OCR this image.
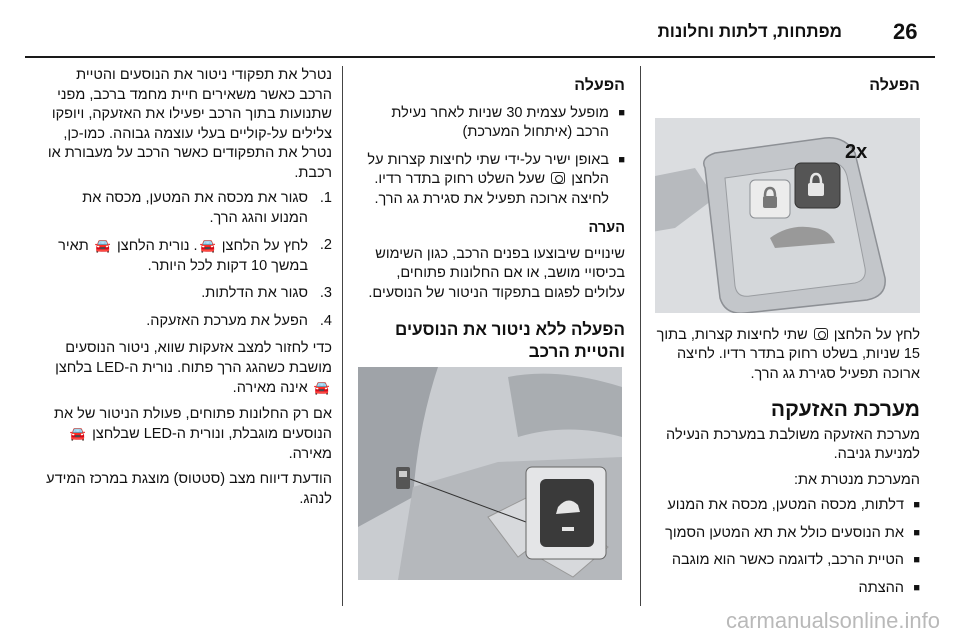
26
מפתחות, דלתות וחלונות
הפעלה

לחץ על הלחצן  שתי לחיצות קצרות, בתוך 15 שניות, בשלט רחוק בתדר רדיו. לחיצה ארוכה תפעיל סגירת גג הרך.

מערכת האזעקה

מערכת האזעקה משולבת במערכת הנעילה למניעת גניבה.

המערכת מנטרת את:

■ דלתות, מכסה המטען, מכסה את המנוע
■ את הנוסעים כולל את תא המטען הסמוך
■ הטיית הרכב, לדוגמה כאשר הוא מוגבה
■ ההצתה
2x
הפעלה
■ מופעל עצמית 30 שניות לאחר נעילת הרכב (איתחול המערכת)
■ באופן ישיר על-ידי שתי לחיצות קצרות על הלחצן  שעל השלט רחוק בתדר רדיו. לחיצה ארוכה תפעיל את סגירת גג הרך.

הערה

שינויים שיבוצעו בפנים הרכב, כגון השימוש בכיסויי מושב, או אם החלונות פתוחים, עלולים לפגום בתפקוד הניטור של הנוסעים.

הפעלה ללא ניטור את הנוסעים והטיית הרכב

נטרל את תפקודי ניטור את הנוסעים והטיית הרכב כאשר משאירים חיית מחמד ברכב, מפני שתנועות בתוך הרכב יפעילו את האזעקה, ויופקו צלילים על-קוליים בעלי עוצמה גבוהה. כמו-כן, נטרל את התפקודים כאשר הרכב על מעבורת או רכבת.

1.
סגור את מכסה את המטען, מכסה את המנוע והגג הרך.
2.
לחץ על הלחצן 🚘. נורית הלחצן 🚘 תאיר במשך 10 דקות לכל היותר.
3.
סגור את הדלתות.
4.
הפעל את מערכת האזעקה.

כדי לחזור למצב אזעקות שווא, ניטור הנוסעים מושבת כשהגג הרך פתוח. נורית ה-LED בלחצן 🚘 אינה מאירה.

אם רק החלונות פתוחים, פעולת הניטור של את הנוסעים מוגבלת, ונורית ה-LED שבלחצן 🚘 מאירה.

הודעת דיווח מצב (סטטוס) מוצגת במרכז המידע לנהג.

carmanualsonline.info
